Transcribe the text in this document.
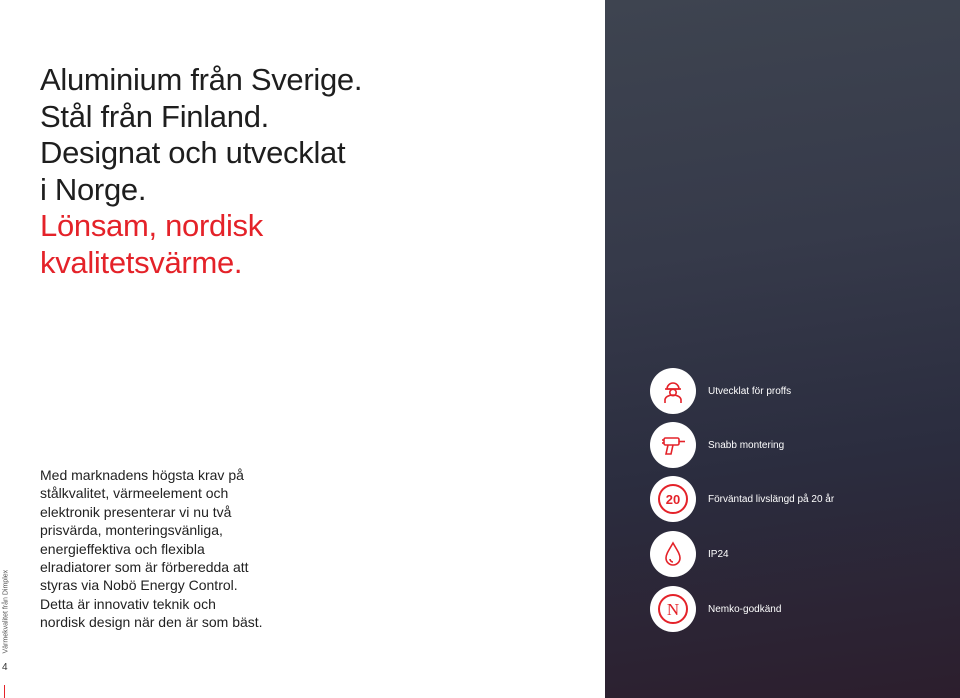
Aluminium från Sverige.
Stål från Finland.
Designat och utvecklat
i Norge.
Lönsam, nordisk
kvalitetsvärme.

Med marknadens högsta krav på
stålkvalitet, värmeelement och
elektronik presenterar vi nu två
prisvärda, monteringsvänliga,
energieffektiva och flexibla
elradiatorer som är förberedda att
styras via Nobö Energy Control.
Detta är innovativ teknik och
nordisk design när den är som bäst.

Värmekvalitet från Dimplex
4
Utvecklat för proffs
Snabb montering
20	Förväntad livslängd på 20 år
IP24
N	Nemko-godkänd
